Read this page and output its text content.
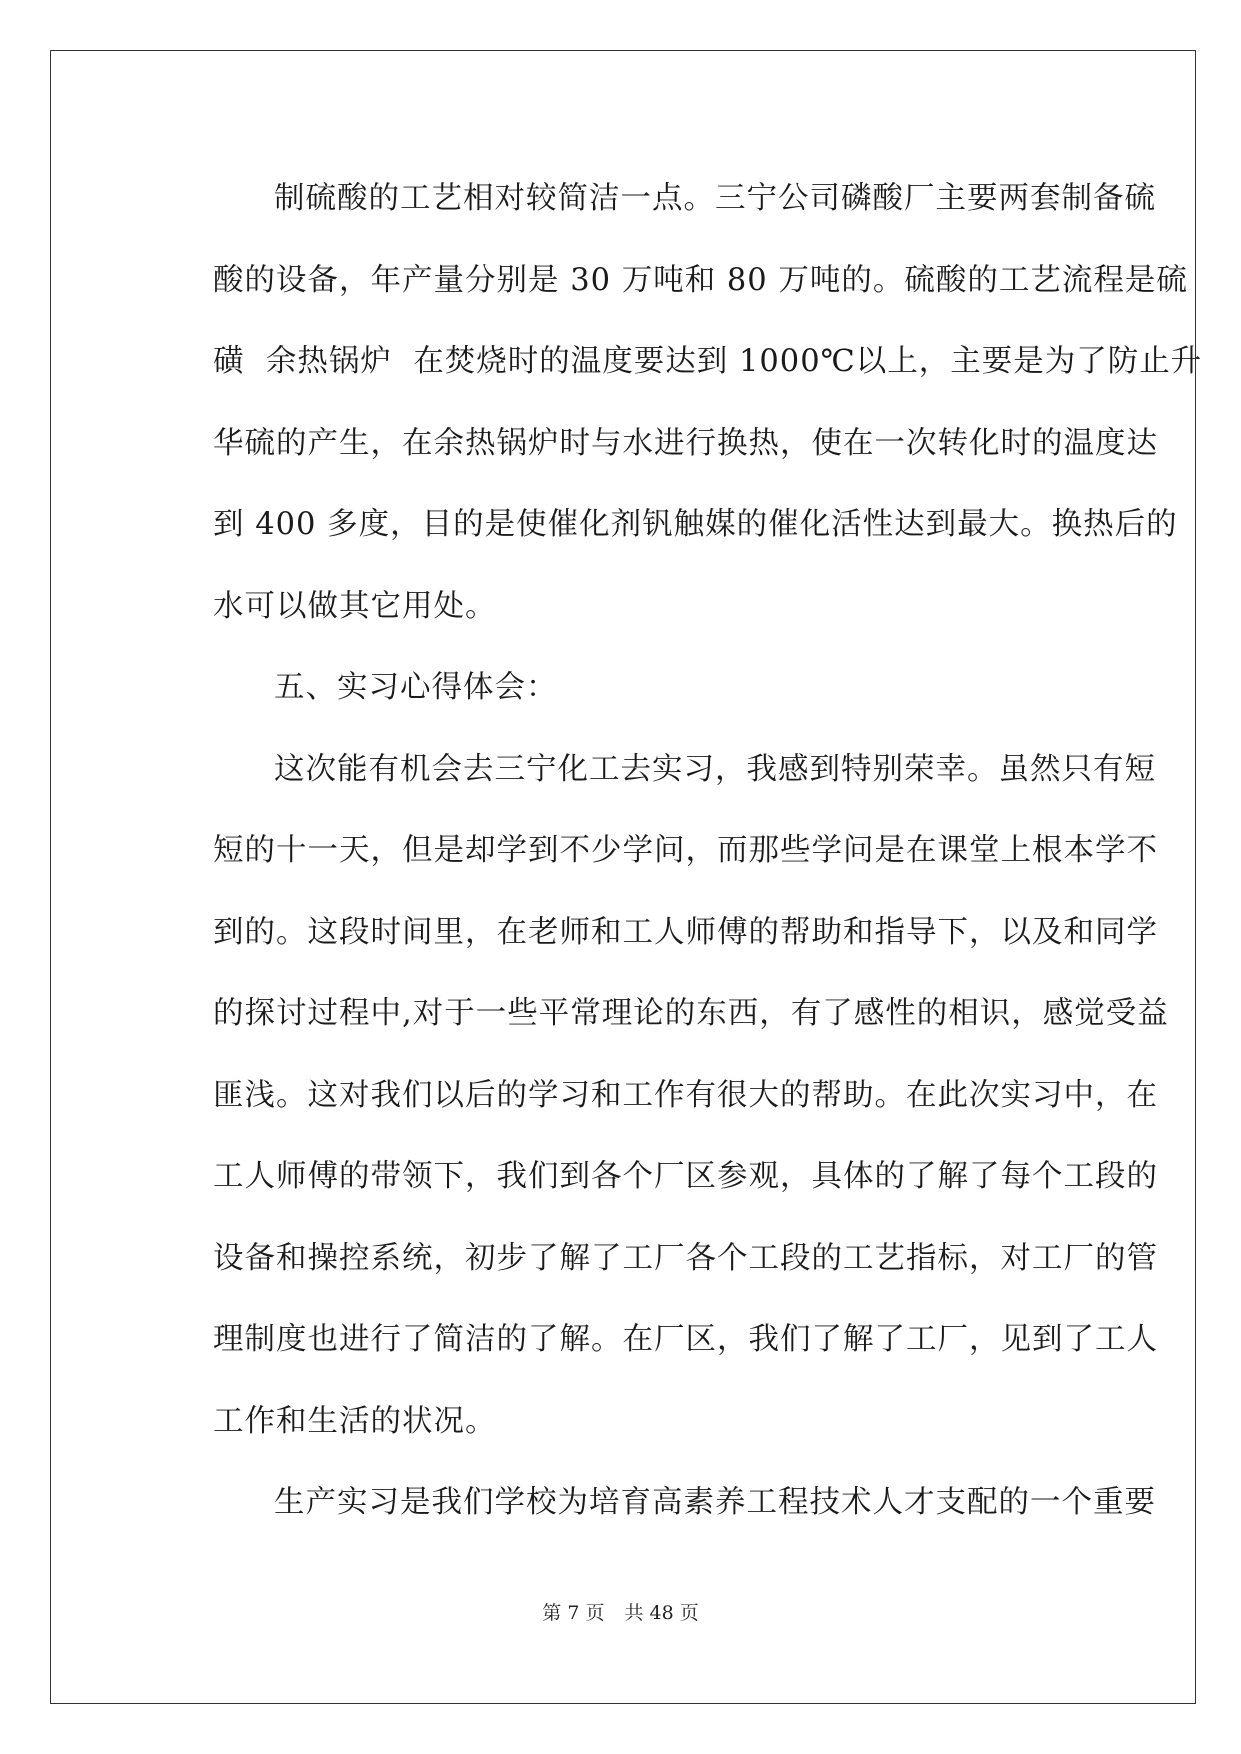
制硫酸的工艺相对较简洁一点。三宁公司磷酸厂主要两套制备硫
酸的设备，年产量分别是 30 万吨和 80 万吨的。硫酸的工艺流程是硫
磺  余热锅炉  在焚烧时的温度要达到 1000℃以上，主要是为了防止升
华硫的产生，在余热锅炉时与水进行换热，使在一次转化时的温度达
到 400 多度，目的是使催化剂钒触媒的催化活性达到最大。换热后的
水可以做其它用处。
五、实习心得体会：
这次能有机会去三宁化工去实习，我感到特别荣幸。虽然只有短
短的十一天，但是却学到不少学问，而那些学问是在课堂上根本学不
到的。这段时间里，在老师和工人师傅的帮助和指导下，以及和同学
的探讨过程中,对于一些平常理论的东西，有了感性的相识，感觉受益
匪浅。这对我们以后的学习和工作有很大的帮助。在此次实习中，在
工人师傅的带领下，我们到各个厂区参观，具体的了解了每个工段的
设备和操控系统，初步了解了工厂各个工段的工艺指标，对工厂的管
理制度也进行了简洁的了解。在厂区，我们了解了工厂，见到了工人
工作和生活的状况。
生产实习是我们学校为培育高素养工程技术人才支配的一个重要
第 7 页 共 48 页
